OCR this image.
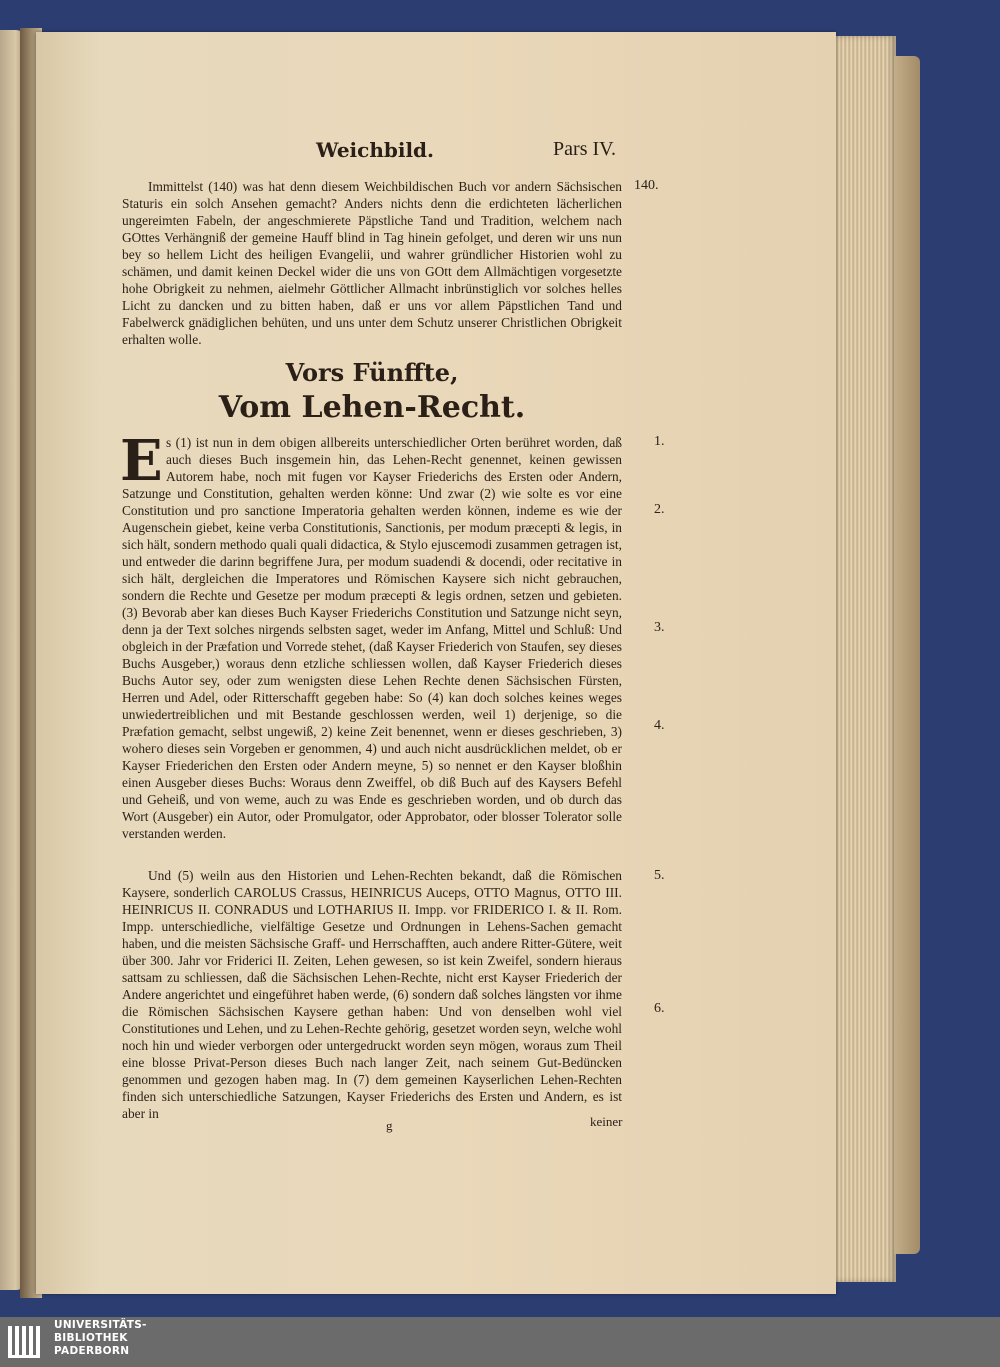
Weichbild.	Pars IV.

Immittelst (140) was hat denn diesem Weichbildischen Buch vor andern Sächsischen Staturis ein solch Ansehen gemacht? Anders nichts denn die erdichteten lächerlichen ungereimten Fabeln, der angeschmierete Päpstliche Tand und Tradition, welchem nach GOttes Verhängniß der gemeine Hauff blind in Tag hinein gefolget, und deren wir uns nun bey so hellem Licht des heiligen Evangelii, und wahrer gründlicher Historien wohl zu schämen, und damit keinen Deckel wider die uns von GOtt dem Allmächtigen vorgesetzte hohe Obrigkeit zu nehmen, aielmehr Göttlicher Allmacht inbrünstiglich vor solches helles Licht zu dancken und zu bitten haben, daß er uns vor allem Päpstlichen Tand und Fabelwerck gnädiglichen behüten, und uns unter dem Schutz unserer Christlichen Obrigkeit erhalten wolle.

Vors Fünffte,
Vom Lehen-Recht.
E s (1) ist nun in dem obigen allbereits unterschiedlicher Orten berühret worden, daß auch dieses Buch insgemein hin, das Lehen-Recht genennet, keinen gewissen Autorem habe, noch mit fugen vor Kayser Friederichs des Ersten oder Andern, Satzunge und Constitution, gehalten werden könne: Und zwar (2) wie solte es vor eine Constitution und pro sanctione Imperatoria gehalten werden können, indeme es wie der Augenschein giebet, keine verba Constitutionis, Sanctionis, per modum præcepti & legis, in sich hält, sondern methodo quali quali didactica, & Stylo ejuscemodi zusammen getragen ist, und entweder die darinn begriffene Jura, per modum suadendi & docendi, oder recitative in sich hält, dergleichen die Imperatores und Römischen Kaysere sich nicht gebrauchen, sondern die Rechte und Gesetze per modum præcepti & legis ordnen, setzen und gebieten. (3) Bevorab aber kan dieses Buch Kayser Friederichs Constitution und Satzunge nicht seyn, denn ja der Text solches nirgends selbsten saget, weder im Anfang, Mittel und Schluß: Und obgleich in der Præfation und Vorrede stehet, (daß Kayser Friederich von Staufen, sey dieses Buchs Ausgeber,) woraus denn etzliche schliessen wollen, daß Kayser Friederich dieses Buchs Autor sey, oder zum wenigsten diese Lehen Rechte denen Sächsischen Fürsten, Herren und Adel, oder Ritterschafft gegeben habe: So (4) kan doch solches keines weges unwiedertreiblichen und mit Bestande geschlossen werden, weil 1) derjenige, so die Præfation gemacht, selbst ungewiß, 2) keine Zeit benennet, wenn er dieses geschrieben, 3) woheгo dieses sein Vorgeben er genommen, 4) und auch nicht ausdrücklichen meldet, ob er Kayser Friederichen den Ersten oder Andern meyne, 5) so nennet er den Kayser bloßhin einen Ausgeber dieses Buchs: Woraus denn Zweiffel, ob diß Buch auf des Kaysers Befehl und Geheiß, und von weme, auch zu was Ende es geschrieben worden, und ob durch das Wort (Ausgeber) ein Autor, oder Promulgator, oder Approbator, oder blosser Tolerator solle verstanden werden.

Und (5) weiln aus den Historien und Lehen-Rechten bekandt, daß die Römischen Kaysere, sonderlich CAROLUS Crassus, HEINRICUS Auceps, OTTO Magnus, OTTO III. HEINRICUS II. CONRADUS und LOTHARIUS II. Impp. vor FRIDERICO I. & II. Rom. Impp. unterschiedliche, vielfältige Gesetze und Ordnungen in Lehens-Sachen gemacht haben, und die meisten Sächsische Graff- und Herrschafften, auch andere Ritter-Gütere, weit über 300. Jahr vor Friderici II. Zeiten, Lehen gewesen, so ist kein Zweifel, sondern hieraus sattsam zu schliessen, daß die Sächsischen Lehen-Rechte, nicht erst Kayser Friederich der Andere angerichtet und eingeführet haben werde, (6) sondern daß solches längsten vor ihme die Römischen Sächsischen Kaysere gethan haben: Und von denselben wohl viel Constitutiones und Lehen, und zu Lehen-Rechte gehörig, gesetzet worden seyn, welche wohl noch hin und wieder verborgen oder untergedruckt worden seyn mögen, woraus zum Theil eine blosse Privat-Person dieses Buch nach langer Zeit, nach seinem Gut-Bedüncken genommen und gezogen haben mag. In (7) dem gemeinen Kayserlichen Lehen-Rechten finden sich unterschiedliche Satzungen, Kayser Friederichs des Ersten und Andern, es ist aber in

140.
1.
2.
3.
4.
5.
6.
g	keiner
UNIVERSITÄTS-
BIBLIOTHEK
PADERBORN
